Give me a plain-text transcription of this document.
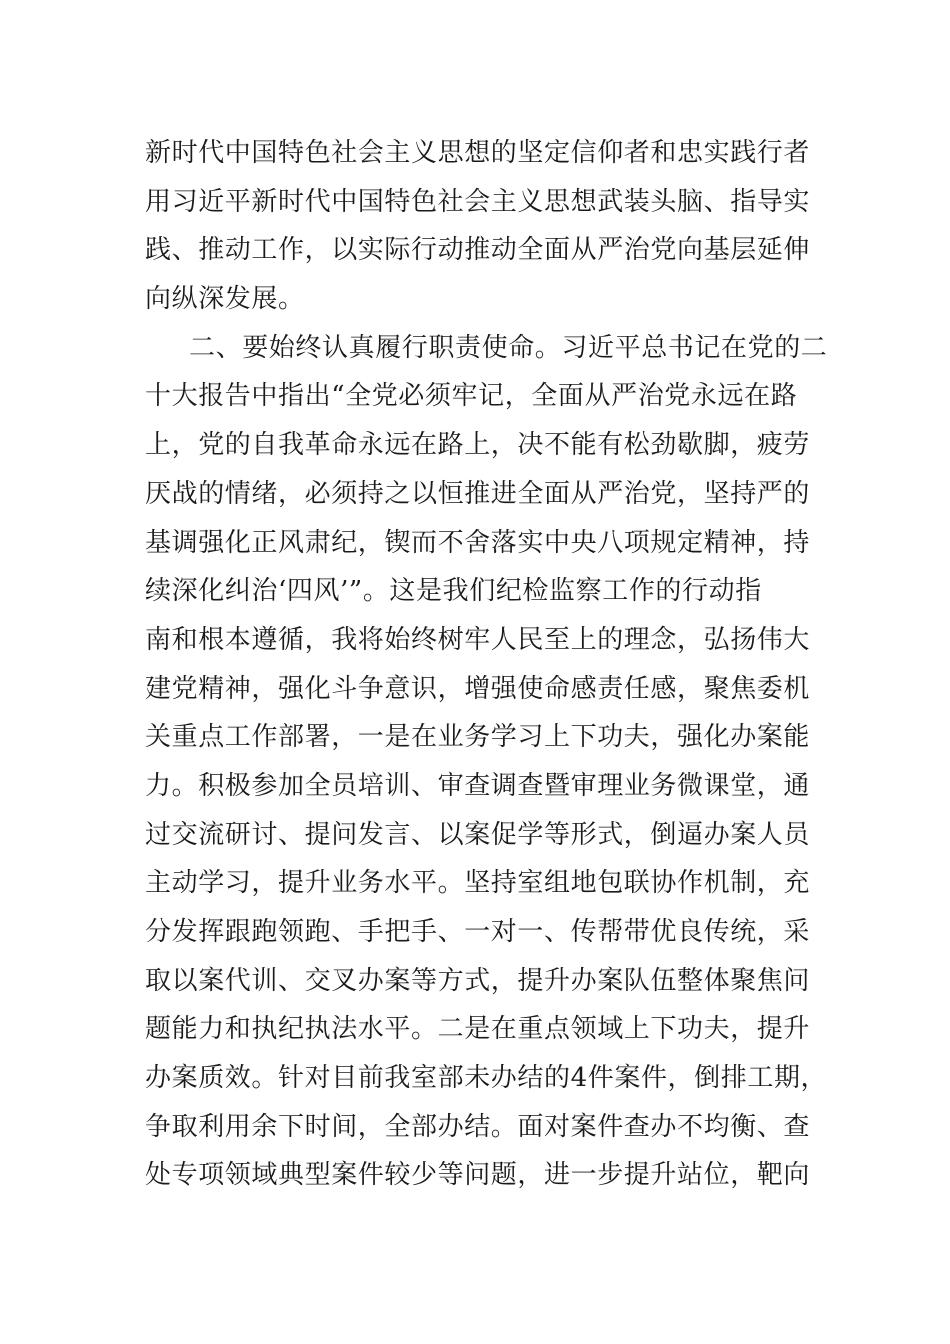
新时代中国特色社会主义思想的坚定信仰者和忠实践行者
用习近平新时代中国特色社会主义思想武装头脑、指导实
践、推动工作，以实际行动推动全面从严治党向基层延伸
向纵深发展。
二、要始终认真履行职责使命。习近平总书记在党的二
十大报告中指出“全党必须牢记，全面从严治党永远在路
上，党的自我革命永远在路上，决不能有松劲歇脚，疲劳
厌战的情绪，必须持之以恒推进全面从严治党，坚持严的
基调强化正风肃纪，锲而不舍落实中央八项规定精神，持
续深化纠治‘四风’”。这是我们纪检监察工作的行动指
南和根本遵循，我将始终树牢人民至上的理念，弘扬伟大
建党精神，强化斗争意识，增强使命感责任感，聚焦委机
关重点工作部署，一是在业务学习上下功夫，强化办案能
力。积极参加全员培训、审查调查暨审理业务微课堂，通
过交流研讨、提问发言、以案促学等形式，倒逼办案人员
主动学习，提升业务水平。坚持室组地包联协作机制，充
分发挥跟跑领跑、手把手、一对一、传帮带优良传统，采
取以案代训、交叉办案等方式，提升办案队伍整体聚焦问
题能力和执纪执法水平。二是在重点领域上下功夫，提升
办案质效。针对目前我室部未办结的4件案件，倒排工期，
争取利用余下时间，全部办结。面对案件查办不均衡、查
处专项领域典型案件较少等问题，进一步提升站位，靶向
